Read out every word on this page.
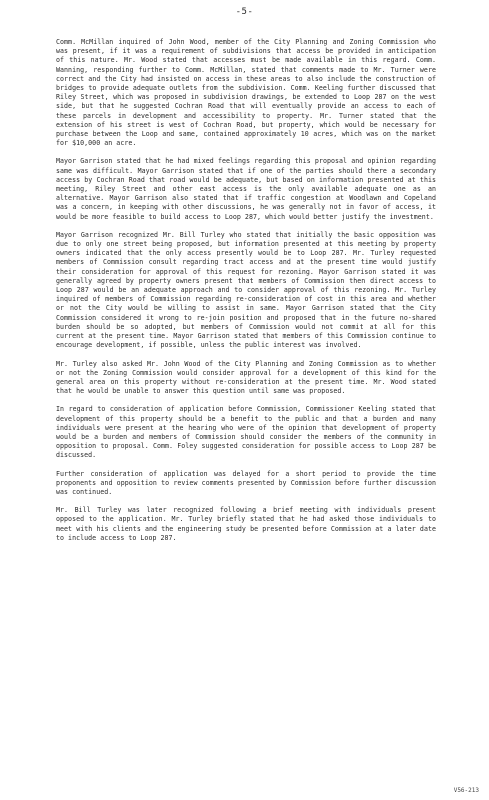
-5-

Comm. McMillan inquired of John Wood, member of the City Planning and Zoning Commission who was present, if it was a requirement of subdivisions that access be provided in anticipation of this nature. Mr. Wood stated that accesses must be made available in this regard. Comm. Wanning, responding further to Comm. McMillan, stated that comments made to Mr. Turner were correct and the City had insisted on access in these areas to also include the construction of bridges to provide adequate outlets from the subdivision. Comm. Keeling further discussed that Riley Street, which was proposed in subdivision drawings, be extended to Loop 287 on the west side, but that he suggested Cochran Road that will eventually provide an access to each of these parcels in development and accessibility to property. Mr. Turner stated that the extension of his street is west of Cochran Road, but property, which would be necessary for purchase between the Loop and same, contained approximately 10 acres, which was on the market for $10,000 an acre.

Mayor Garrison stated that he had mixed feelings regarding this proposal and opinion regarding same was difficult. Mayor Garrison stated that if one of the parties should there a secondary access by Cochran Road that road would be adequate, but based on information presented at this meeting, Riley Street and other east access is the only available adequate one as an alternative. Mayor Garrison also stated that if traffic congestion at Woodlawn and Copeland was a concern, in keeping with other discussions, he was generally not in favor of access, it would be more feasible to build access to Loop 287, which would better justify the investment.

Mayor Garrison recognized Mr. Bill Turley who stated that initially the basic opposition was due to only one street being proposed, but information presented at this meeting by property owners indicated that the only access presently would be to Loop 287. Mr. Turley requested members of Commission consult regarding tract access and at the present time would justify their consideration for approval of this request for rezoning. Mayor Garrison stated it was generally agreed by property owners present that members of Commission then direct access to Loop 287 would be an adequate approach and to consider approval of this rezoning. Mr. Turley inquired of members of Commission regarding re-consideration of cost in this area and whether or not the City would be willing to assist in same. Mayor Garrison stated that the City Commission considered it wrong to re-join position and proposed that in the future no-shared burden should be so adopted, but members of Commission would not commit at all for this current at the present time. Mayor Garrison stated that members of this Commission continue to encourage development, if possible, unless the public interest was involved.

Mr. Turley also asked Mr. John Wood of the City Planning and Zoning Commission as to whether or not the Zoning Commission would consider approval for a development of this kind for the general area on this property without re-consideration at the present time. Mr. Wood stated that he would be unable to answer this question until same was proposed.

In regard to consideration of application before Commission, Commissioner Keeling stated that development of this property should be a benefit to the public and that a burden and many individuals were present at the hearing who were of the opinion that development of property would be a burden and members of Commission should consider the members of the community in opposition to proposal. Comm. Foley suggested consideration for possible access to Loop 287 be discussed.

Further consideration of application was delayed for a short period to provide the time proponents and opposition to review comments presented by Commission before further discussion was continued.

Mr. Bill Turley was later recognized following a brief meeting with individuals present opposed to the application. Mr. Turley briefly stated that he had asked those individuals to meet with his clients and the engineering study be presented before Commission at a later date to include access to Loop 287.

V56-213
